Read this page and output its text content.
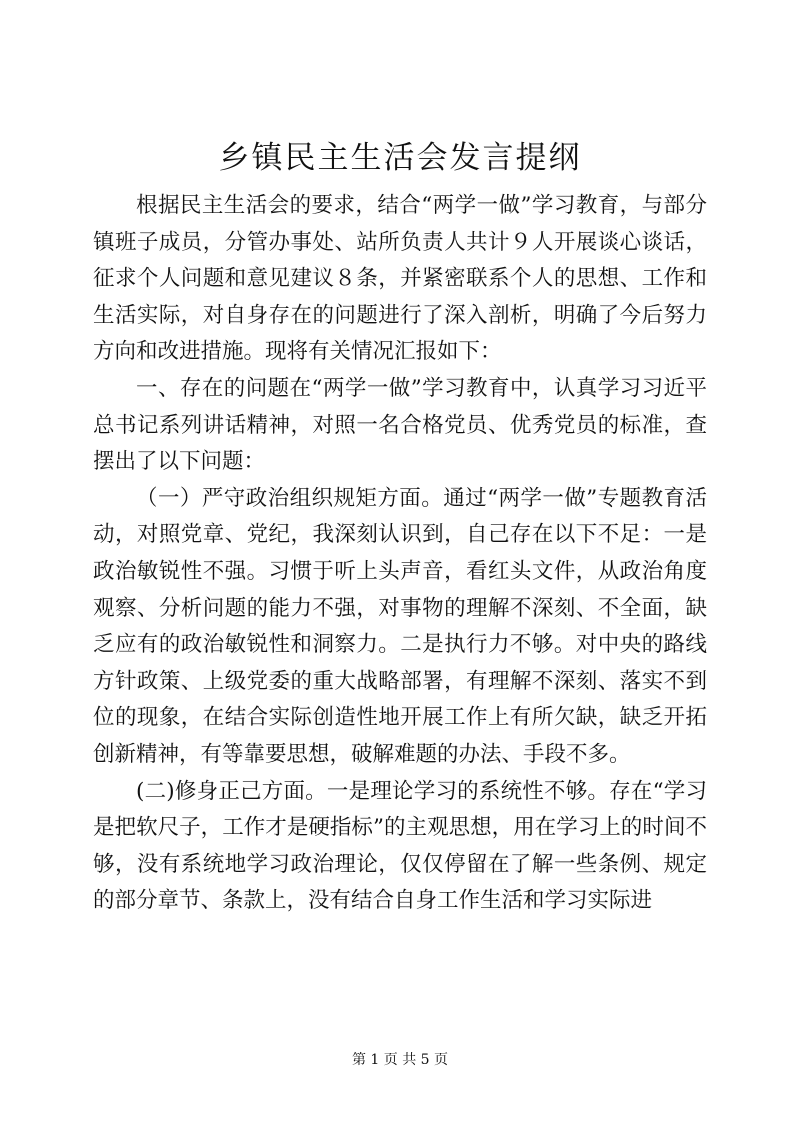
乡镇民主生活会发言提纲

根据民主生活会的要求，结合“两学一做”学习教育，与部分镇班子成员，分管办事处、站所负责人共计９人开展谈心谈话，征求个人问题和意见建议８条，并紧密联系个人的思想、工作和生活实际，对自身存在的问题进行了深入剖析，明确了今后努力方向和改进措施。现将有关情况汇报如下：

一、存在的问题在“两学一做”学习教育中，认真学习习近平总书记系列讲话精神，对照一名合格党员、优秀党员的标准，查摆出了以下问题：

（一）严守政治组织规矩方面。通过“两学一做”专题教育活动，对照党章、党纪，我深刻认识到，自己存在以下不足：一是政治敏锐性不强。习惯于听上头声音，看红头文件，从政治角度观察、分析问题的能力不强，对事物的理解不深刻、不全面，缺乏应有的政治敏锐性和洞察力。二是执行力不够。对中央的路线方针政策、上级党委的重大战略部署，有理解不深刻、落实不到位的现象，在结合实际创造性地开展工作上有所欠缺，缺乏开拓创新精神，有等靠要思想，破解难题的办法、手段不多。

(二)修身正己方面。一是理论学习的系统性不够。存在“学习是把软尺子，工作才是硬指标”的主观思想，用在学习上的时间不够，没有系统地学习政治理论，仅仅停留在了解一些条例、规定的部分章节、条款上，没有结合自身工作生活和学习实际进

第 1 页 共 5 页
